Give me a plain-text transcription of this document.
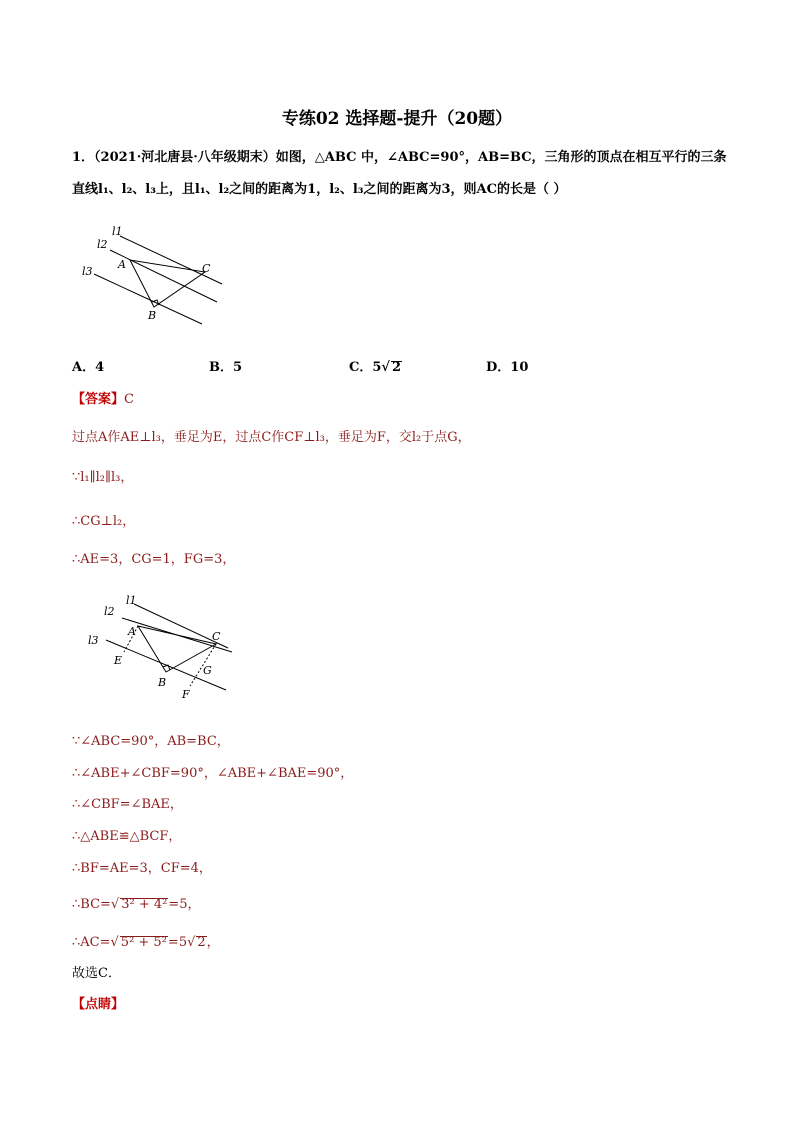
专练02 选择题-提升（20题）
1．（2021·河北唐县·八年级期末）如图，△ABC 中，∠ABC=90°，AB=BC，三角形的顶点在相互平行的三条
直线l₁、l₂、l₃上，且l₁、l₂之间的距离为1，l₂、l₃之间的距离为3，则AC的长是（ ）
l1
l2
l3
A
B
C
A．4	B．5	C．5√ 2	D．10
【答案】C
过点A作AE⊥l₃，垂足为E，过点C作CF⊥l₃，垂足为F，交l₂于点G，
∵l₁∥l₂∥l₃，
∴CG⊥l₂，
∴AE=3，CG=1，FG=3，
l1
l2
l3
A
B
C
E
F
G
∵∠ABC=90°，AB=BC，
∴∠ABE+∠CBF=90°，∠ABE+∠BAE=90°，
∴∠CBF=∠BAE，
∴△ABE≌△BCF，
∴BF=AE=3，CF=4，
∴BC=√ 3² + 4²=5，
∴AC=√ 5² + 5²=5√ 2，
故选C．
【点睛】
